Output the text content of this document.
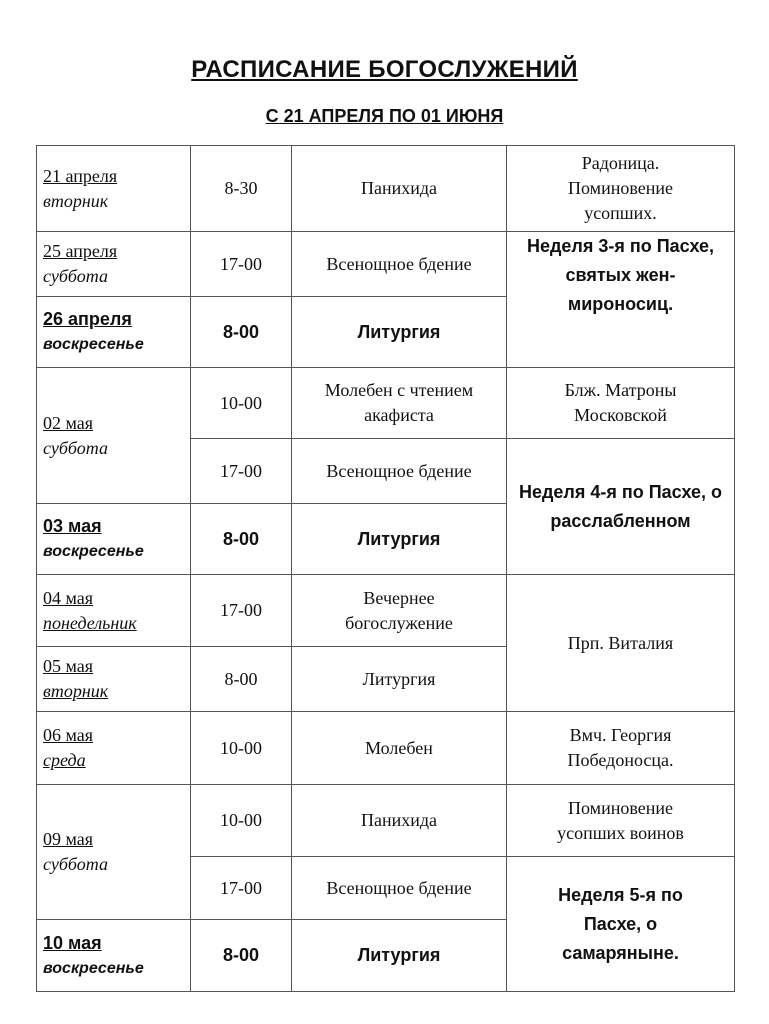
РАСПИСАНИЕ БОГОСЛУЖЕНИЙ
С 21 АПРЕЛЯ ПО 01 ИЮНЯ
21 апреля
вторник	8-30	Панихида	Радоница. Поминовение усопших.

25 апреля
суббота	17-00	Всенощное бдение	Неделя 3-я по Пасхе, святых жен-мироносиц.

26 апреля
воскресенье	8-00	Литургия	

02 мая
суббота	10-00	Молебен с чтением акафиста	Блж. Матроны Московской
	17-00	Всенощное бдение	Неделя 4-я по Пасхе, о расслабленном

03 мая
воскресенье	8-00	Литургия	

04 мая
понедельник	17-00	Вечернее богослужение	Прп. Виталия

05 мая
вторник	8-00	Литургия	

06 мая
среда	10-00	Молебен	Вмч. Георгия Победоносца.

09 мая
суббота	10-00	Панихида	Поминовение усопших воинов
	17-00	Всенощное бдение	Неделя 5-я по Пасхе, о самаряныне.

10 мая
воскресенье	8-00	Литургия	
